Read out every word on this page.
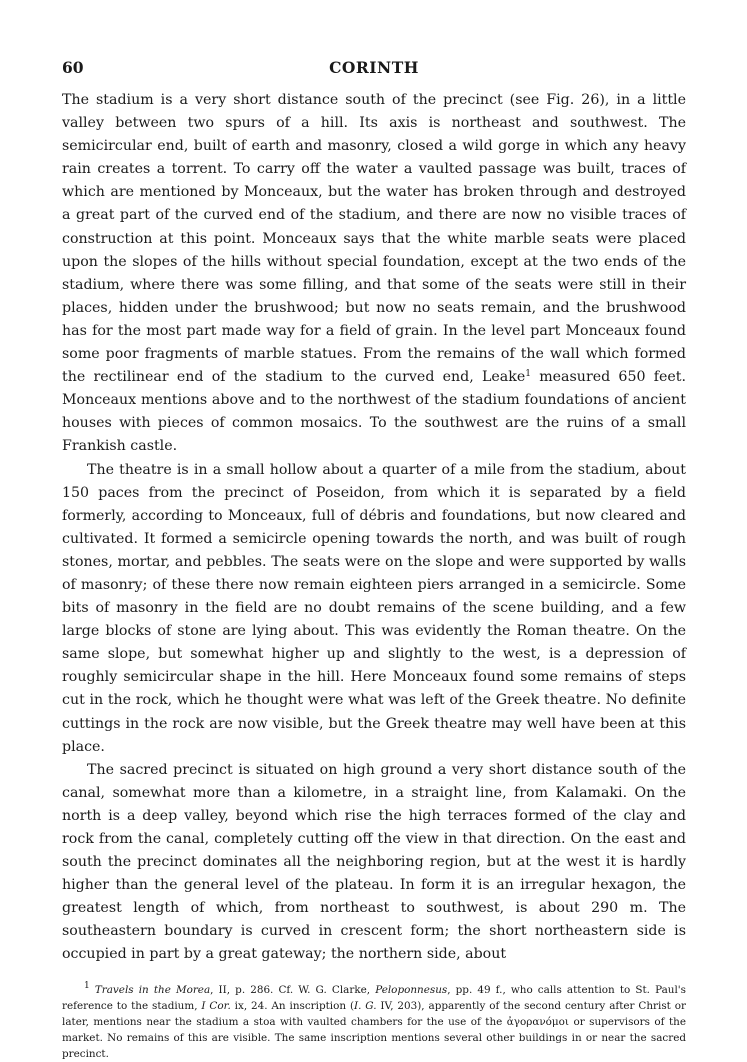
60	CORINTH

The stadium is a very short distance south of the precinct (see Fig. 26), in a little valley between two spurs of a hill. Its axis is northeast and southwest. The semicircular end, built of earth and masonry, closed a wild gorge in which any heavy rain creates a torrent. To carry off the water a vaulted passage was built, traces of which are mentioned by Monceaux, but the water has broken through and destroyed a great part of the curved end of the stadium, and there are now no visible traces of construction at this point. Monceaux says that the white marble seats were placed upon the slopes of the hills without special foundation, except at the two ends of the stadium, where there was some filling, and that some of the seats were still in their places, hidden under the brushwood; but now no seats remain, and the brushwood has for the most part made way for a field of grain. In the level part Monceaux found some poor fragments of marble statues. From the remains of the wall which formed the rectilinear end of the stadium to the curved end, Leake$^1$ measured 650 feet. Monceaux mentions above and to the northwest of the stadium foundations of ancient houses with pieces of common mosaics. To the southwest are the ruins of a small Frankish castle.

The theatre is in a small hollow about a quarter of a mile from the stadium, about 150 paces from the precinct of Poseidon, from which it is separated by a field formerly, according to Monceaux, full of débris and foundations, but now cleared and cultivated. It formed a semicircle opening towards the north, and was built of rough stones, mortar, and pebbles. The seats were on the slope and were supported by walls of masonry; of these there now remain eighteen piers arranged in a semicircle. Some bits of masonry in the field are no doubt remains of the scene building, and a few large blocks of stone are lying about. This was evidently the Roman theatre. On the same slope, but somewhat higher up and slightly to the west, is a depression of roughly semicircular shape in the hill. Here Monceaux found some remains of steps cut in the rock, which he thought were what was left of the Greek theatre. No definite cuttings in the rock are now visible, but the Greek theatre may well have been at this place.

The sacred precinct is situated on high ground a very short distance south of the canal, somewhat more than a kilometre, in a straight line, from Kalamaki. On the north is a deep valley, beyond which rise the high terraces formed of the clay and rock from the canal, completely cutting off the view in that direction. On the east and south the precinct dominates all the neighboring region, but at the west it is hardly higher than the general level of the plateau. In form it is an irregular hexagon, the greatest length of which, from northeast to southwest, is about 290 m. The southeastern boundary is curved in crescent form; the short northeastern side is occupied in part by a great gateway; the northern side, about

$^1$ Travels in the Morea, II, p. 286. Cf. W. G. Clarke, Peloponnesus, pp. 49 f., who calls attention to St. Paul's reference to the stadium, I Cor. ix, 24. An inscription (I. G. IV, 203), apparently of the second century after Christ or later, mentions near the stadium a stoa with vaulted chambers for the use of the ἀγορανόμοι or supervisors of the market. No remains of this are visible. The same inscription mentions several other buildings in or near the sacred precinct.
